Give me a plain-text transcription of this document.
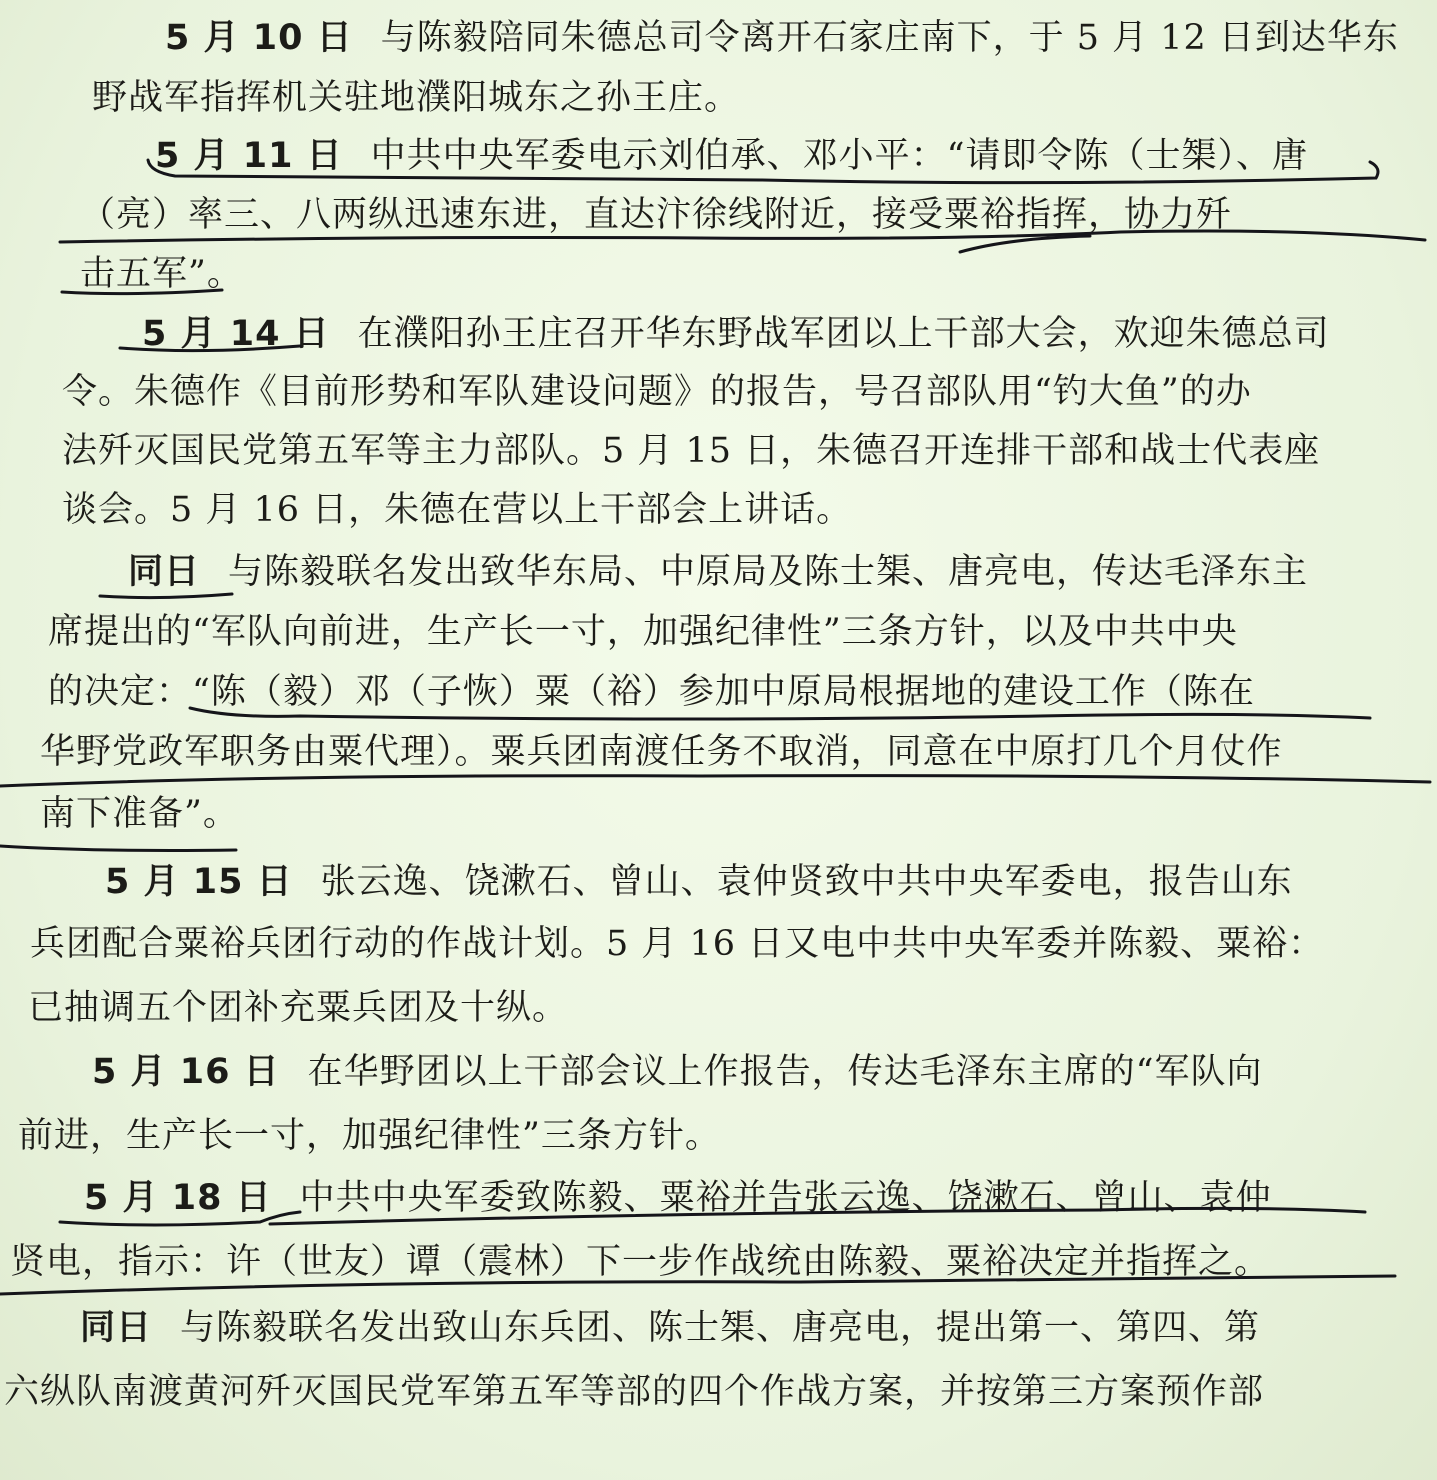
5 月 10 日 与陈毅陪同朱德总司令离开石家庄南下，于 5 月 12 日到达华东
野战军指挥机关驻地濮阳城东之孙王庄。
5 月 11 日 中共中央军委电示刘伯承、邓小平：“请即令陈（士榘）、唐
（亮）率三、八两纵迅速东进，直达汴徐线附近，接受粟裕指挥，协力歼
击五军”。
5 月 14 日 在濮阳孙王庄召开华东野战军团以上干部大会，欢迎朱德总司
令。朱德作《目前形势和军队建设问题》的报告，号召部队用“钓大鱼”的办
法歼灭国民党第五军等主力部队。5 月 15 日，朱德召开连排干部和战士代表座
谈会。5 月 16 日，朱德在营以上干部会上讲话。
同日 与陈毅联名发出致华东局、中原局及陈士榘、唐亮电，传达毛泽东主
席提出的“军队向前进，生产长一寸，加强纪律性”三条方针，以及中共中央
的决定：“陈（毅）邓（子恢）粟（裕）参加中原局根据地的建设工作（陈在
华野党政军职务由粟代理）。粟兵团南渡任务不取消，同意在中原打几个月仗作
南下准备”。
5 月 15 日 张云逸、饶漱石、曾山、袁仲贤致中共中央军委电，报告山东
兵团配合粟裕兵团行动的作战计划。5 月 16 日又电中共中央军委并陈毅、粟裕：
已抽调五个团补充粟兵团及十纵。
5 月 16 日 在华野团以上干部会议上作报告，传达毛泽东主席的“军队向
前进，生产长一寸，加强纪律性”三条方针。
5 月 18 日 中共中央军委致陈毅、粟裕并告张云逸、饶漱石、曾山、袁仲
贤电，指示：许（世友）谭（震林）下一步作战统由陈毅、粟裕决定并指挥之。
同日 与陈毅联名发出致山东兵团、陈士榘、唐亮电，提出第一、第四、第
六纵队南渡黄河歼灭国民党军第五军等部的四个作战方案，并按第三方案预作部
